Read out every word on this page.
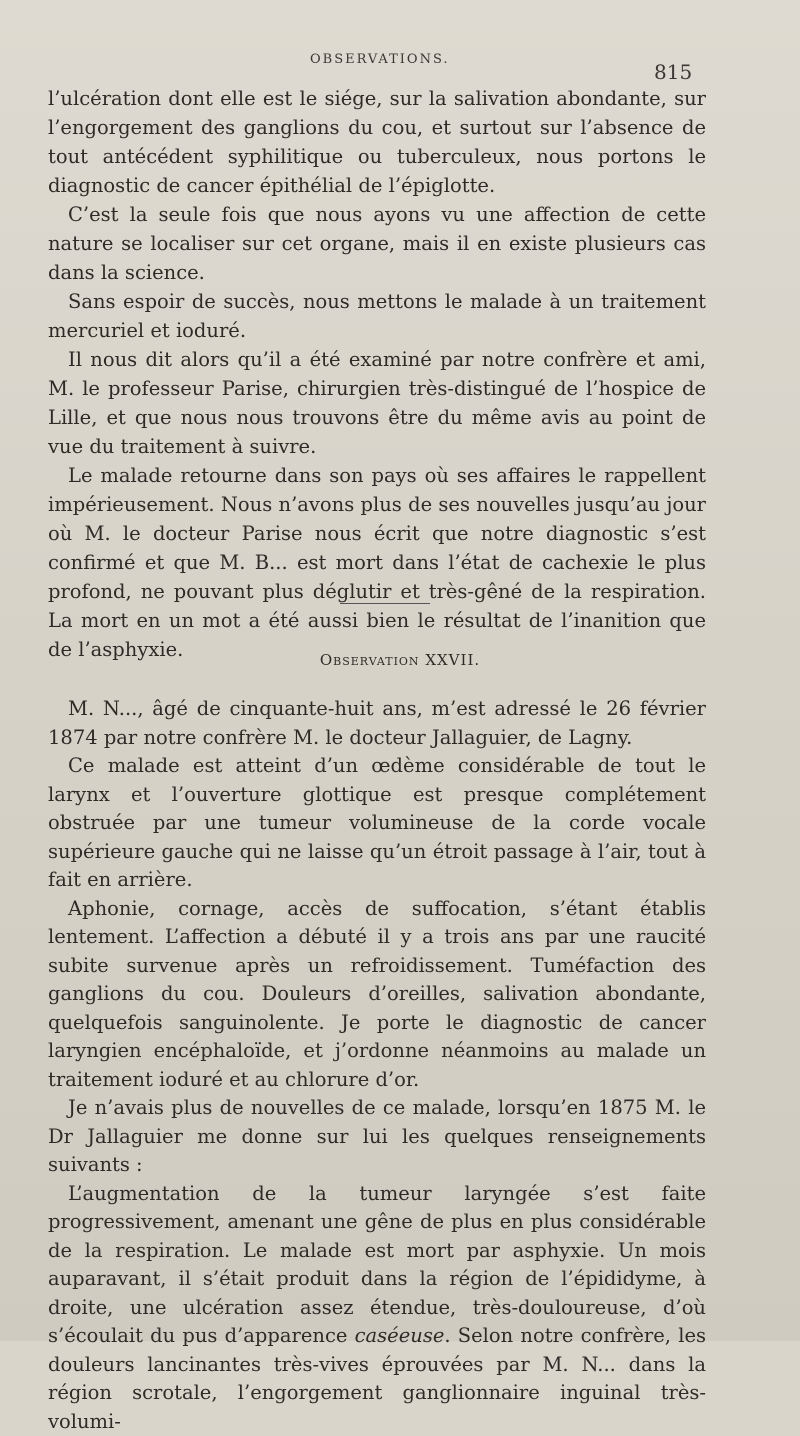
OBSERVATIONS.
815

l’ulcération dont elle est le siége, sur la salivation abondante, sur l’engorgement des ganglions du cou, et surtout sur l’absence de tout antécédent syphilitique ou tuberculeux, nous portons le diagnostic de cancer épithélial de l’épiglotte.

C’est la seule fois que nous ayons vu une affection de cette nature se localiser sur cet organe, mais il en existe plusieurs cas dans la science.

Sans espoir de succès, nous mettons le malade à un traitement mercuriel et ioduré.

Il nous dit alors qu’il a été examiné par notre confrère et ami, M. le professeur Parise, chirurgien très-distingué de l’hospice de Lille, et que nous nous trouvons être du même avis au point de vue du traitement à suivre.

Le malade retourne dans son pays où ses affaires le rappellent impérieusement. Nous n’avons plus de ses nouvelles jusqu’au jour où M. le docteur Parise nous écrit que notre diagnostic s’est confirmé et que M. B... est mort dans l’état de cachexie le plus profond, ne pouvant plus déglutir et très-gêné de la respiration. La mort en un mot a été aussi bien le résultat de l’inanition que de l’asphyxie.	Observation XXVII.

M. N..., âgé de cinquante-huit ans, m’est adressé le 26 février 1874 par notre confrère M. le docteur Jallaguier, de Lagny.

Ce malade est atteint d’un œdème considérable de tout le larynx et l’ouverture glottique est presque complétement obstruée par une tumeur volumineuse de la corde vocale supérieure gauche qui ne laisse qu’un étroit passage à l’air, tout à fait en arrière.

Aphonie, cornage, accès de suffocation, s’étant établis lentement. L’affection a débuté il y a trois ans par une raucité subite survenue après un refroidissement. Tuméfaction des ganglions du cou. Douleurs d’oreilles, salivation abondante, quelquefois sanguinolente. Je porte le diagnostic de cancer laryngien encéphaloïde, et j’ordonne néanmoins au malade un traitement ioduré et au chlorure d’or.

Je n’avais plus de nouvelles de ce malade, lorsqu’en 1875 M. le Dr Jallaguier me donne sur lui les quelques renseignements suivants :

L’augmentation de la tumeur laryngée s’est faite progressivement, amenant une gêne de plus en plus considérable de la respiration. Le malade est mort par asphyxie. Un mois auparavant, il s’était produit dans la région de l’épididyme, à droite, une ulcération assez étendue, très-douloureuse, d’où s’écoulait du pus d’apparence caséeuse. Selon notre confrère, les douleurs lancinantes très-vives éprouvées par M. N... dans la région scrotale, l’engorgement ganglionnaire inguinal très-volumi-
